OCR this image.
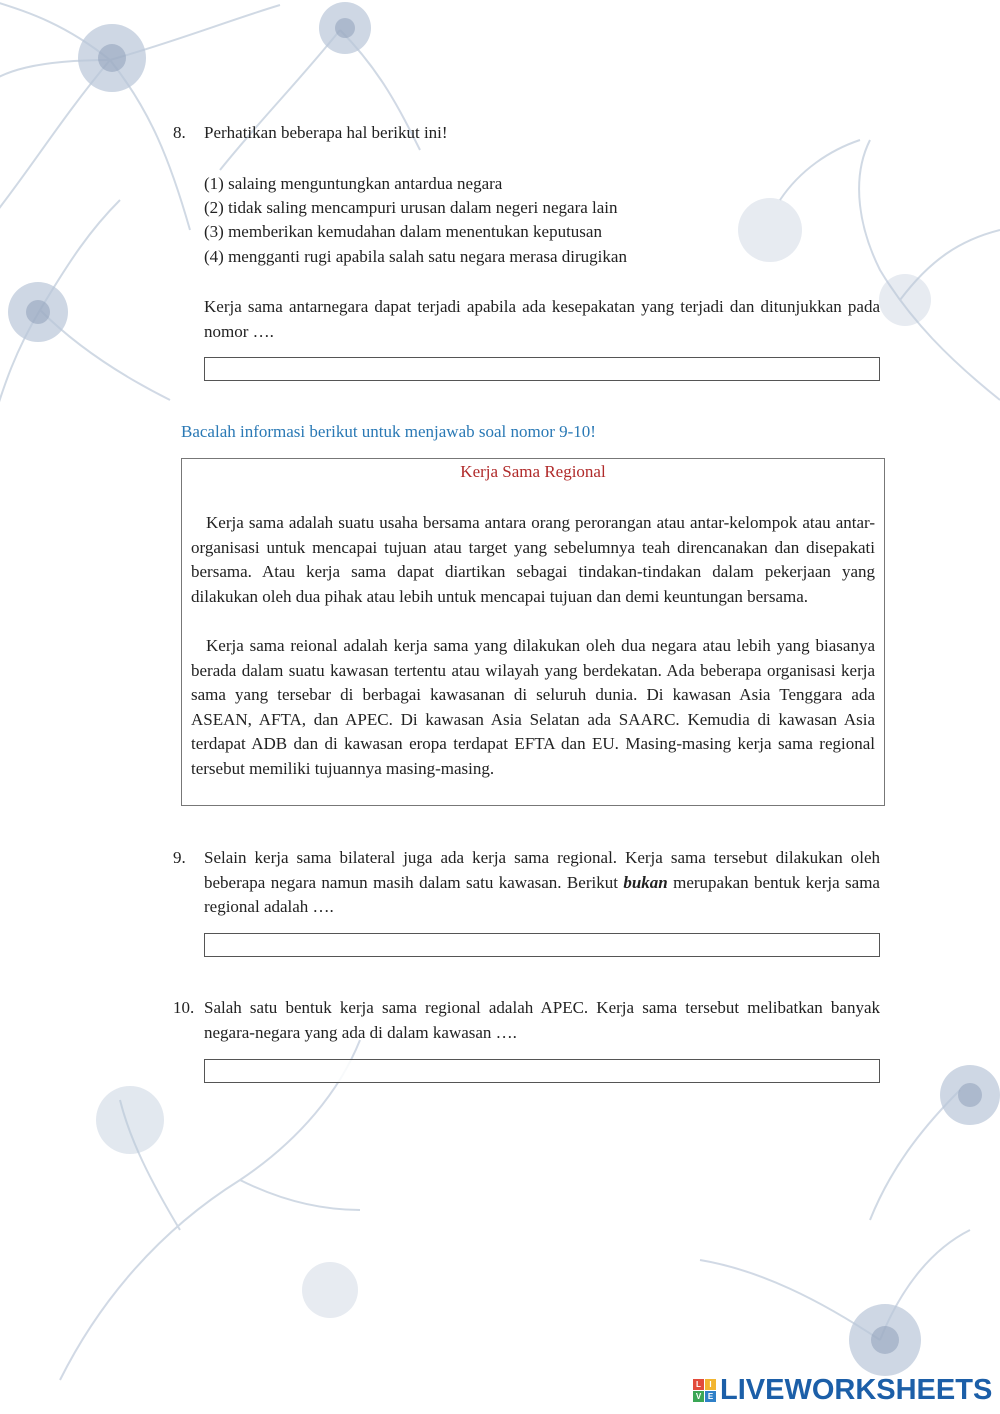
8. Perhatikan beberapa hal berikut ini!
(1) salaing menguntungkan antardua negara
(2) tidak saling mencampuri urusan dalam negeri negara lain
(3) memberikan kemudahan dalam menentukan keputusan
(4) mengganti rugi apabila salah satu negara merasa dirugikan
Kerja sama antarnegara dapat terjadi apabila ada kesepakatan yang terjadi dan ditunjukkan pada nomor ….
Bacalah informasi berikut untuk menjawab soal nomor 9-10!
Kerja Sama Regional

Kerja sama adalah suatu usaha bersama antara orang perorangan atau antar-kelompok atau antar-organisasi untuk mencapai tujuan atau target yang sebelumnya teah direncanakan dan disepakati bersama. Atau kerja sama dapat diartikan sebagai tindakan-tindakan dalam pekerjaan yang dilakukan oleh dua pihak atau lebih untuk mencapai tujuan dan demi keuntungan bersama.

Kerja sama reional adalah kerja sama yang dilakukan oleh dua negara atau lebih yang biasanya berada dalam suatu kawasan tertentu atau wilayah yang berdekatan. Ada beberapa organisasi kerja sama yang tersebar di berbagai kawasanan di seluruh dunia. Di kawasan Asia Tenggara ada ASEAN, AFTA, dan APEC. Di kawasan Asia Selatan ada SAARC. Kemudia di kawasan Asia terdapat ADB dan di kawasan eropa terdapat EFTA dan EU. Masing-masing kerja sama regional tersebut memiliki tujuannya masing-masing.

9. Selain kerja sama bilateral juga ada kerja sama regional. Kerja sama tersebut dilakukan oleh beberapa negara namun masih dalam satu kawasan. Berikut bukan merupakan bentuk kerja sama regional adalah ….
10. Salah satu bentuk kerja sama regional adalah APEC. Kerja sama tersebut melibatkan banyak negara-negara yang ada di dalam kawasan ….
L	I
V E LIVEWORKSHEETS
